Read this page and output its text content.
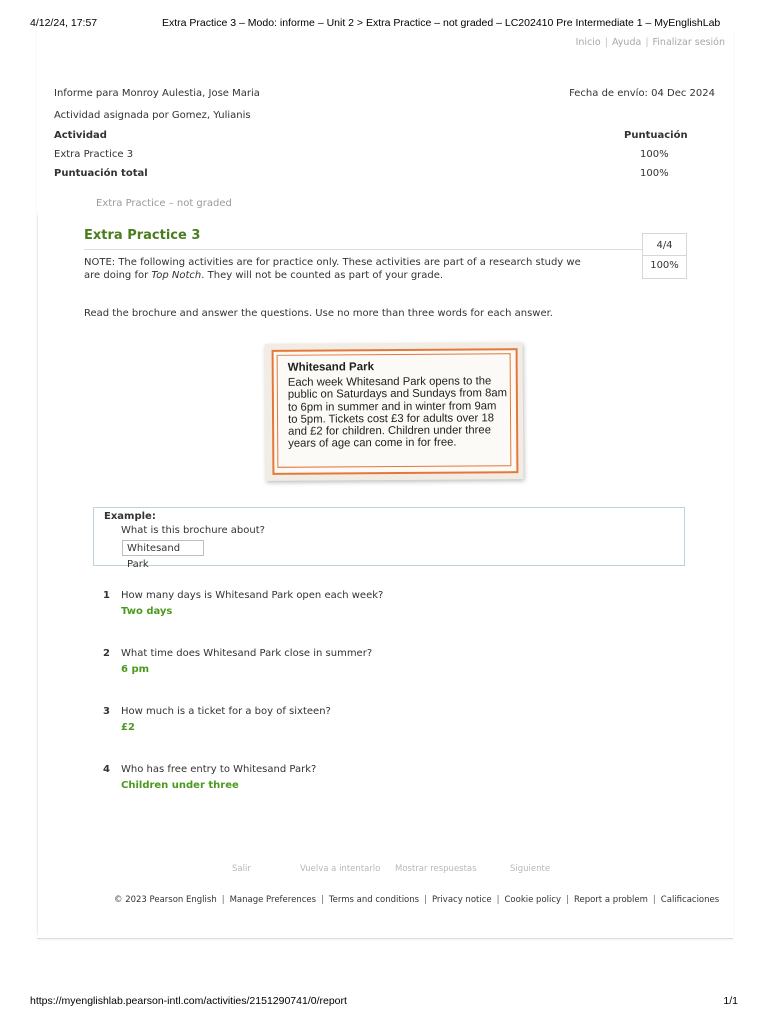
4/12/24, 17:57	Extra Practice 3 – Modo: informe – Unit 2 > Extra Practice – not graded – LC202410 Pre Intermediate 1 – MyEnglishLab
Inicio | Ayuda | Finalizar sesión
Informe para Monroy Aulestia, Jose Maria	Fecha de envío: 04 Dec 2024
Actividad asignada por Gomez, Yulianis
Actividad	Puntuación
Extra Practice 3	100%
Puntuación total	100%
Extra Practice – not graded
Extra Practice 3
4/4
100%
NOTE: The following activities are for practice only. These activities are part of a research study we are doing for Top Notch. They will not be counted as part of your grade.
Read the brochure and answer the questions. Use no more than three words for each answer.
Whitesand Park
Each week Whitesand Park opens to the public on Saturdays and Sundays from 8am to 6pm in summer and in winter from 9am to 5pm. Tickets cost £3 for adults over 18 and £2 for children. Children under three years of age can come in for free.
Example:
What is this brochure about?
Whitesand Park
1 How many days is Whitesand Park open each week?
Two days
2 What time does Whitesand Park close in summer?
6 pm
3 How much is a ticket for a boy of sixteen?
£2
4 Who has free entry to Whitesand Park?
Children under three
Salir	Vuelva a intentarlo Mostrar respuestas	Siguiente
© 2023 Pearson English | Manage Preferences | Terms and conditions | Privacy notice | Cookie policy | Report a problem | Calificaciones
https://myenglishlab.pearson-intl.com/activities/2151290741/0/report	1/1
